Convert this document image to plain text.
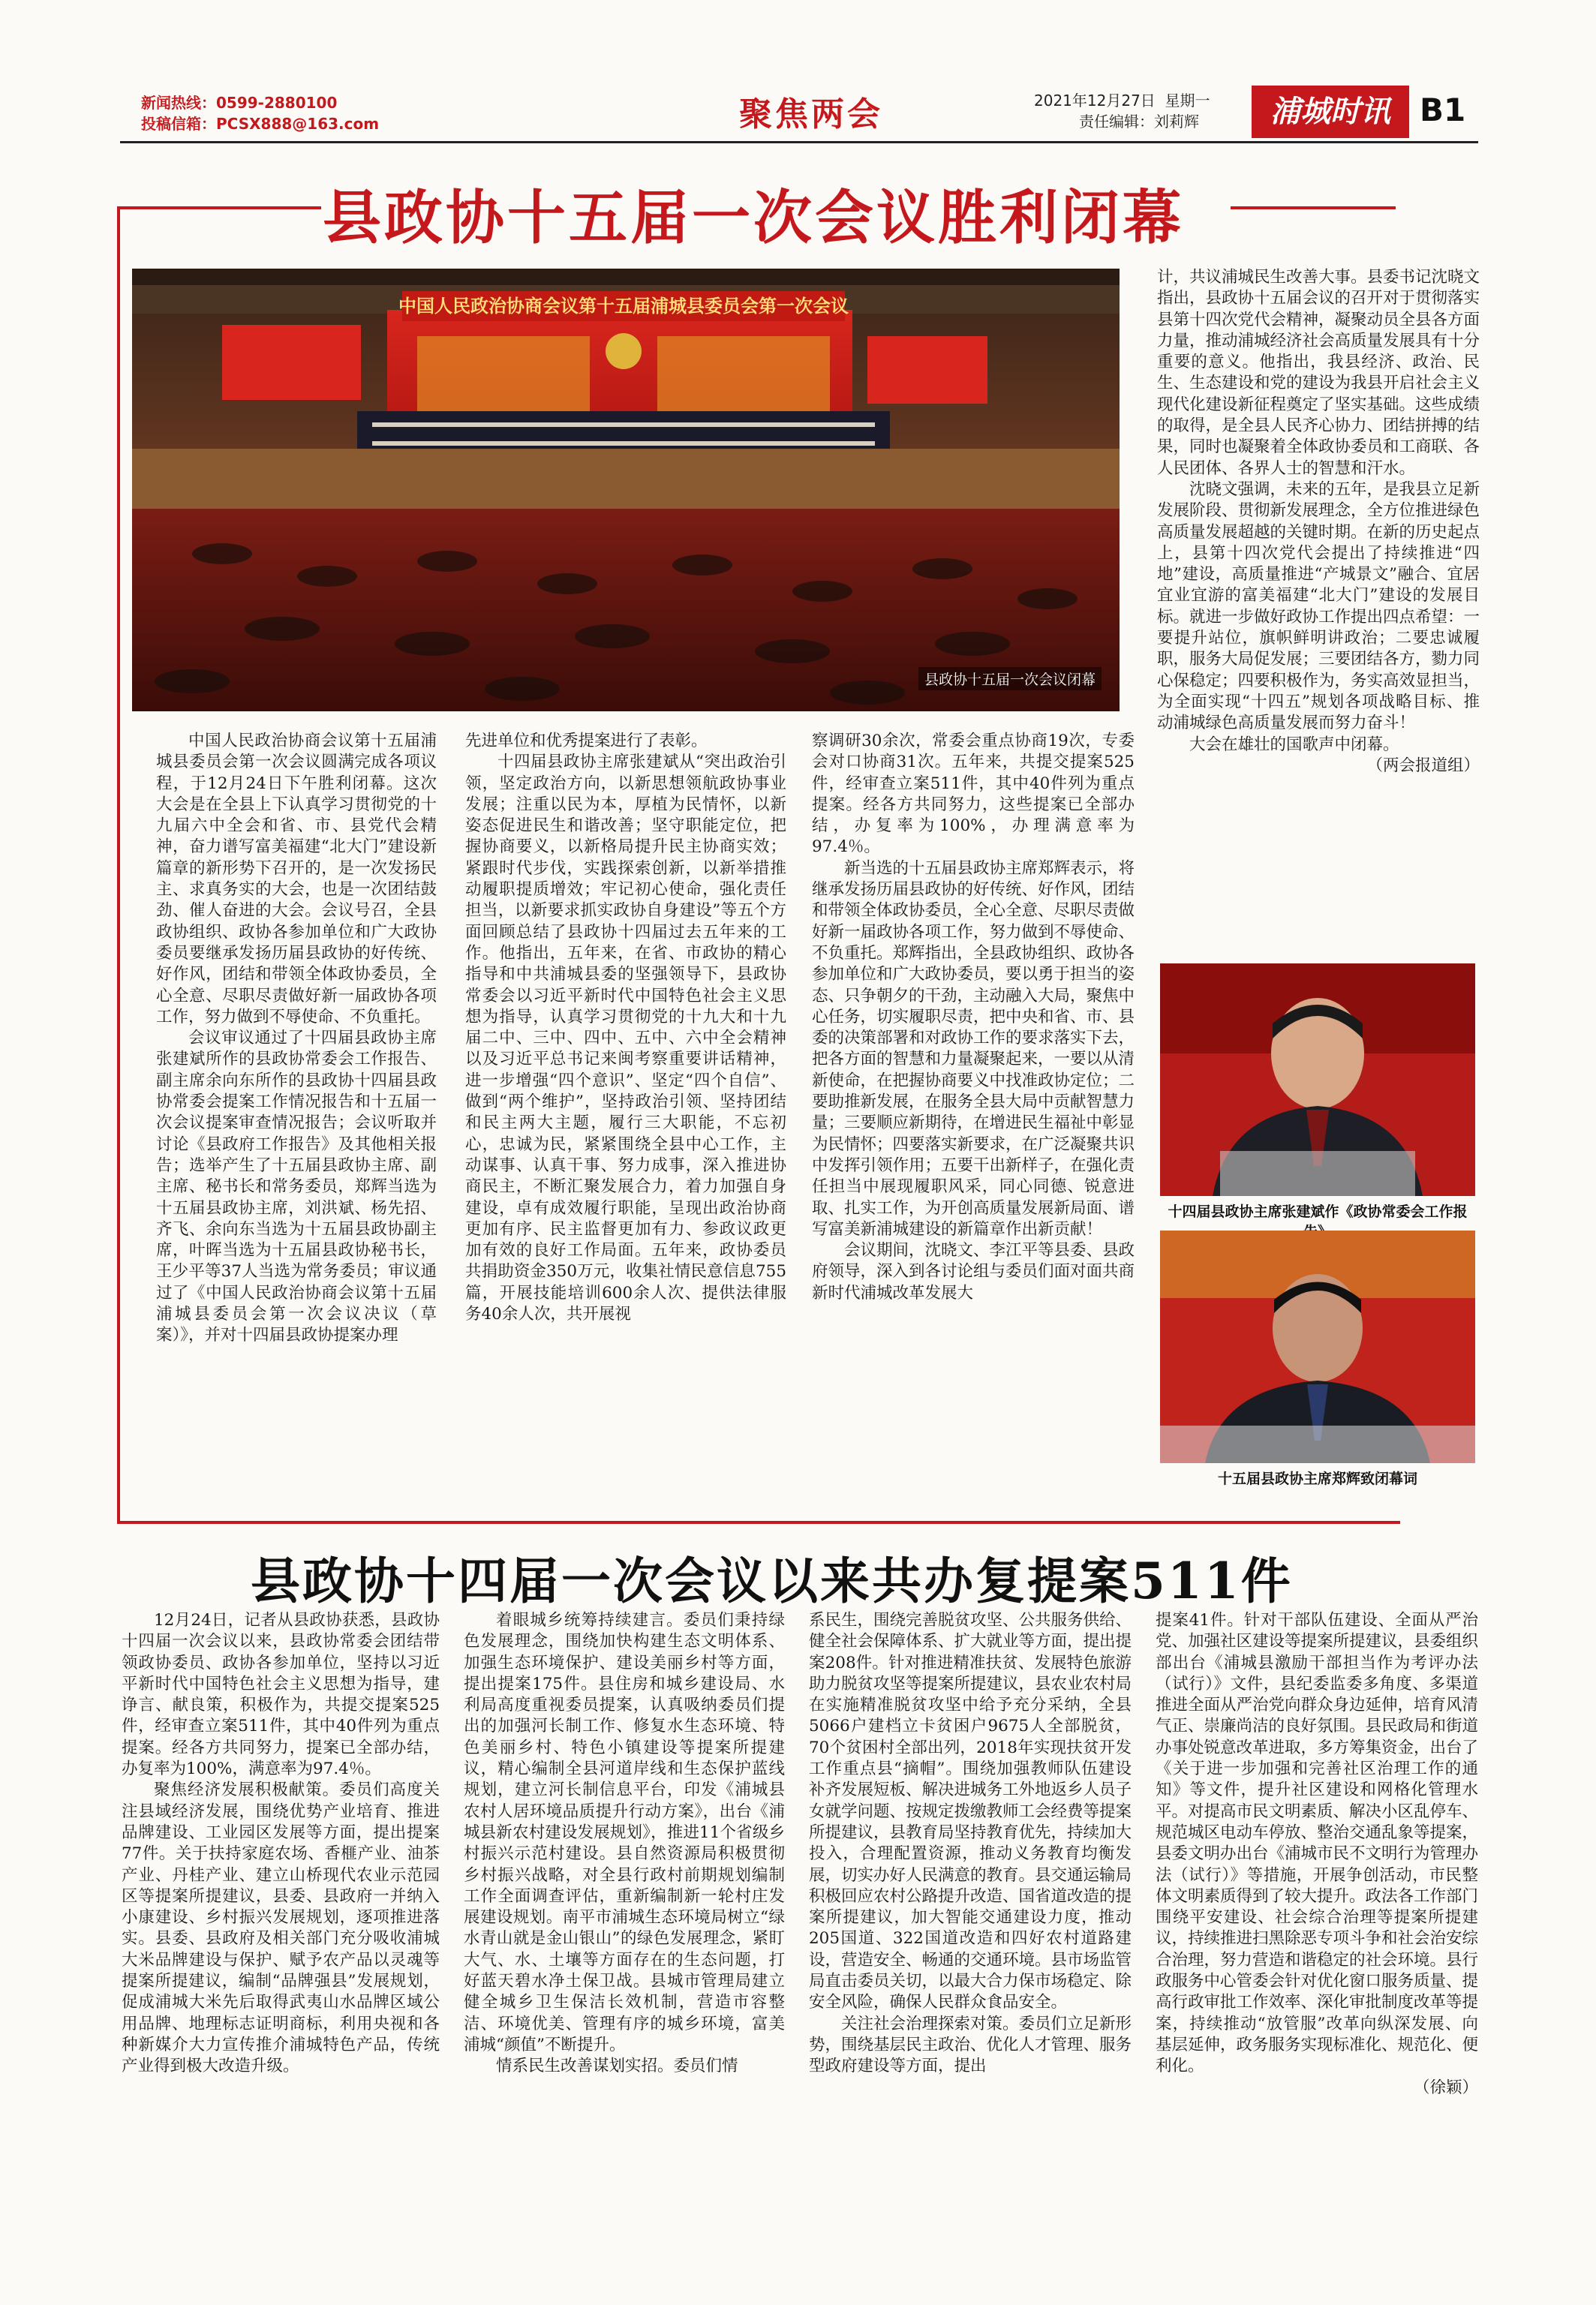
新闻热线：0599-2880100
投稿信箱：PCSX888@163.com	聚焦两会	2021年12月27日 星期一
责任编辑：刘莉辉	浦城时讯 B1
县政协十五届一次会议胜利闭幕
中国人民政治协商会议第十五届浦城县委员会第一次会议
县政协十五届一次会议闭幕

中国人民政治协商会议第十五届浦城县委员会第一次会议圆满完成各项议程，于12月24日下午胜利闭幕。这次大会是在全县上下认真学习贯彻党的十九届六中全会和省、市、县党代会精神，奋力谱写富美福建“北大门”建设新篇章的新形势下召开的，是一次发扬民主、求真务实的大会，也是一次团结鼓劲、催人奋进的大会。会议号召，全县政协组织、政协各参加单位和广大政协委员要继承发扬历届县政协的好传统、好作风，团结和带领全体政协委员，全心全意、尽职尽责做好新一届政协各项工作，努力做到不辱使命、不负重托。

会议审议通过了十四届县政协主席张建斌所作的县政协常委会工作报告、副主席余向东所作的县政协十四届县政协常委会提案工作情况报告和十五届一次会议提案审查情况报告；会议听取并讨论《县政府工作报告》及其他相关报告；选举产生了十五届县政协主席、副主席、秘书长和常务委员，郑辉当选为十五届县政协主席，刘洪斌、杨先招、齐飞、余向东当选为十五届县政协副主席，叶晖当选为十五届县政协秘书长，王少平等37人当选为常务委员；审议通过了《中国人民政治协商会议第十五届浦城县委员会第一次会议决议（草案）》，并对十四届县政协提案办理

先进单位和优秀提案进行了表彰。

十四届县政协主席张建斌从“突出政治引领，坚定政治方向，以新思想领航政协事业发展；注重以民为本，厚植为民情怀，以新姿态促进民生和谐改善；坚守职能定位，把握协商要义，以新格局提升民主协商实效；紧跟时代步伐，实践探索创新，以新举措推动履职提质增效；牢记初心使命，强化责任担当，以新要求抓实政协自身建设”等五个方面回顾总结了县政协十四届过去五年来的工作。他指出，五年来，在省、市政协的精心指导和中共浦城县委的坚强领导下，县政协常委会以习近平新时代中国特色社会主义思想为指导，认真学习贯彻党的十九大和十九届二中、三中、四中、五中、六中全会精神以及习近平总书记来闽考察重要讲话精神，进一步增强“四个意识”、坚定“四个自信”、做到“两个维护”，坚持政治引领、坚持团结和民主两大主题，履行三大职能，不忘初心，忠诚为民，紧紧围绕全县中心工作，主动谋事、认真干事、努力成事，深入推进协商民主，不断汇聚发展合力，着力加强自身建设，卓有成效履行职能，呈现出政治协商更加有序、民主监督更加有力、参政议政更加有效的良好工作局面。五年来，政协委员共捐助资金350万元，收集社情民意信息755篇，开展技能培训600余人次、提供法律服务40余人次，共开展视

察调研30余次，常委会重点协商19次，专委会对口协商31次。五年来，共提交提案525件，经审查立案511件，其中40件列为重点提案。经各方共同努力，这些提案已全部办结，办复率为100%，办理满意率为97.4％。

新当选的十五届县政协主席郑辉表示，将继承发扬历届县政协的好传统、好作风，团结和带领全体政协委员，全心全意、尽职尽责做好新一届政协各项工作，努力做到不辱使命、不负重托。郑辉指出，全县政协组织、政协各参加单位和广大政协委员，要以勇于担当的姿态、只争朝夕的干劲，主动融入大局，聚焦中心任务，切实履职尽责，把中央和省、市、县委的决策部署和对政协工作的要求落实下去，把各方面的智慧和力量凝聚起来，一要以从清新使命，在把握协商要义中找准政协定位；二要助推新发展，在服务全县大局中贡献智慧力量；三要顺应新期待，在增进民生福祉中彰显为民情怀；四要落实新要求，在广泛凝聚共识中发挥引领作用；五要干出新样子，在强化责任担当中展现履职风采，同心同德、锐意进取、扎实工作，为开创高质量发展新局面、谱写富美新浦城建设的新篇章作出新贡献！

会议期间，沈晓文、李江平等县委、县政府领导，深入到各讨论组与委员们面对面共商新时代浦城改革发展大

计，共议浦城民生改善大事。县委书记沈晓文指出，县政协十五届会议的召开对于贯彻落实县第十四次党代会精神，凝聚动员全县各方面力量，推动浦城经济社会高质量发展具有十分重要的意义。他指出，我县经济、政治、民生、生态建设和党的建设为我县开启社会主义现代化建设新征程奠定了坚实基础。这些成绩的取得，是全县人民齐心协力、团结拼搏的结果，同时也凝聚着全体政协委员和工商联、各人民团体、各界人士的智慧和汗水。

沈晓文强调，未来的五年，是我县立足新发展阶段、贯彻新发展理念，全方位推进绿色高质量发展超越的关键时期。在新的历史起点上，县第十四次党代会提出了持续推进“四地”建设，高质量推进“产城景文”融合、宜居宜业宜游的富美福建“北大门”建设的发展目标。就进一步做好政协工作提出四点希望：一要提升站位，旗帜鲜明讲政治；二要忠诚履职，服务大局促发展；三要团结各方，勠力同心保稳定；四要积极作为，务实高效显担当，为全面实现“十四五”规划各项战略目标、推动浦城绿色高质量发展而努力奋斗！

大会在雄壮的国歌声中闭幕。

（两会报道组）

十四届县政协主席张建斌作《政协常委会工作报
十五届县政协主席郑辉致闭幕词
县政协十四届一次会议以来共办复提案511件

12月24日，记者从县政协获悉，县政协十四届一次会议以来，县政协常委会团结带领政协委员、政协各参加单位，坚持以习近平新时代中国特色社会主义思想为指导，建诤言、献良策，积极作为，共提交提案525件，经审查立案511件，其中40件列为重点提案。经各方共同努力，提案已全部办结，办复率为100%，满意率为97.4％。

聚焦经济发展积极献策。委员们高度关注县域经济发展，围绕优势产业培育、推进品牌建设、工业园区发展等方面，提出提案77件。关于扶持家庭农场、香榧产业、油茶产业、丹桂产业、建立山桥现代农业示范园区等提案所提建议，县委、县政府一并纳入小康建设、乡村振兴发展规划，逐项推进落实。县委、县政府及相关部门充分吸收浦城大米品牌建设与保护、赋予农产品以灵魂等提案所提建议，编制“品牌强县”发展规划，促成浦城大米先后取得武夷山水品牌区域公用品牌、地理标志证明商标，利用央视和各种新媒介大力宣传推介浦城特色产品，传统产业得到极大改造升级。

着眼城乡统筹持续建言。委员们秉持绿色发展理念，围绕加快构建生态文明体系、加强生态环境保护、建设美丽乡村等方面，提出提案175件。县住房和城乡建设局、水利局高度重视委员提案，认真吸纳委员们提出的加强河长制工作、修复水生态环境、特色美丽乡村、特色小镇建设等提案所提建议，精心编制全县河道岸线和生态保护蓝线规划，建立河长制信息平台，印发《浦城县农村人居环境品质提升行动方案》，出台《浦城县新农村建设发展规划》，推进11个省级乡村振兴示范村建设。县自然资源局积极贯彻乡村振兴战略，对全县行政村前期规划编制工作全面调查评估，重新编制新一轮村庄发展建设规划。南平市浦城生态环境局树立“绿水青山就是金山银山”的绿色发展理念，紧盯大气、水、土壤等方面存在的生态问题，打好蓝天碧水净土保卫战。县城市管理局建立健全城乡卫生保洁长效机制，营造市容整洁、环境优美、管理有序的城乡环境，富美浦城“颜值”不断提升。

情系民生改善谋划实招。委员们情

系民生，围绕完善脱贫攻坚、公共服务供给、健全社会保障体系、扩大就业等方面，提出提案208件。针对推进精准扶贫、发展特色旅游助力脱贫攻坚等提案所提建议，县农业农村局在实施精准脱贫攻坚中给予充分采纳，全县5066户建档立卡贫困户9675人全部脱贫，70个贫困村全部出列，2018年实现扶贫开发工作重点县“摘帽”。围绕加强教师队伍建设补齐发展短板、解决进城务工外地返乡人员子女就学问题、按规定拨缴教师工会经费等提案所提建议，县教育局坚持教育优先，持续加大投入，合理配置资源，推动义务教育均衡发展，切实办好人民满意的教育。县交通运输局积极回应农村公路提升改造、国省道改造的提案所提建议，加大智能交通建设力度，推动205国道、322国道改造和四好农村道路建设，营造安全、畅通的交通环境。县市场监管局直击委员关切，以最大合力保市场稳定、除安全风险，确保人民群众食品安全。

关注社会治理探索对策。委员们立足新形势，围绕基层民主政治、优化人才管理、服务型政府建设等方面，提出

提案41件。针对干部队伍建设、全面从严治党、加强社区建设等提案所提建议，县委组织部出台《浦城县激励干部担当作为考评办法（试行）》文件，县纪委监委多角度、多渠道推进全面从严治党向群众身边延伸，培育风清气正、崇廉尚洁的良好氛围。县民政局和街道办事处锐意改革进取，多方筹集资金，出台了《关于进一步加强和完善社区治理工作的通知》等文件，提升社区建设和网格化管理水平。对提高市民文明素质、解决小区乱停车、规范城区电动车停放、整治交通乱象等提案，县委文明办出台《浦城市民不文明行为管理办法（试行）》等措施，开展争创活动，市民整体文明素质得到了较大提升。政法各工作部门围绕平安建设、社会综合治理等提案所提建议，持续推进扫黑除恶专项斗争和社会治安综合治理，努力营造和谐稳定的社会环境。县行政服务中心管委会针对优化窗口服务质量、提高行政审批工作效率、深化审批制度改革等提案，持续推动“放管服”改革向纵深发展、向基层延伸，政务服务实现标准化、规范化、便利化。

（徐颖）
